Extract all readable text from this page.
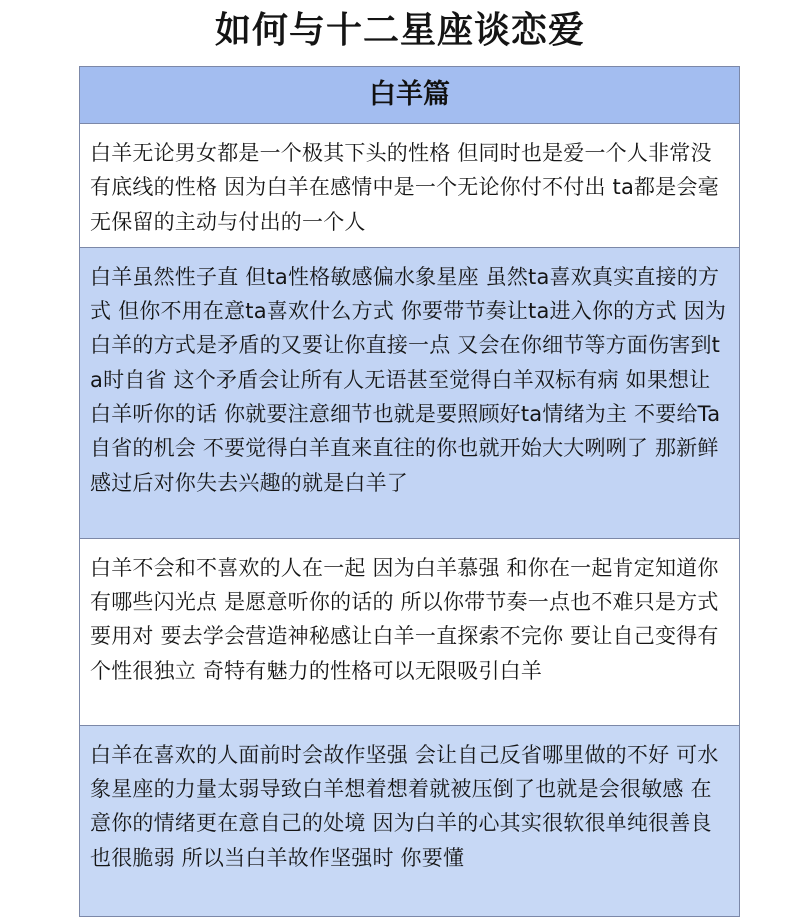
如何与十二星座谈恋爱
白羊篇
白羊无论男女都是一个极其下头的性格 但同时也是爱一个人非常没有底线的性格 因为白羊在感情中是一个无论你付不付出 ta都是会毫无保留的主动与付出的一个人
白羊虽然性子直 但ta性格敏感偏水象星座 虽然ta喜欢真实直接的方式 但你不用在意ta喜欢什么方式 你要带节奏让ta进入你的方式 因为白羊的方式是矛盾的又要让你直接一点 又会在你细节等方面伤害到ta时自省 这个矛盾会让所有人无语甚至觉得白羊双标有病 如果想让白羊听你的话 你就要注意细节也就是要照顾好ta情绪为主 不要给Ta自省的机会 不要觉得白羊直来直往的你也就开始大大咧咧了 那新鲜感过后对你失去兴趣的就是白羊了
白羊不会和不喜欢的人在一起 因为白羊慕强 和你在一起肯定知道你有哪些闪光点 是愿意听你的话的 所以你带节奏一点也不难只是方式要用对 要去学会营造神秘感让白羊一直探索不完你 要让自己变得有个性很独立 奇特有魅力的性格可以无限吸引白羊
白羊在喜欢的人面前时会故作坚强 会让自己反省哪里做的不好 可水象星座的力量太弱导致白羊想着想着就被压倒了也就是会很敏感 在意你的情绪更在意自己的处境 因为白羊的心其实很软很单纯很善良也很脆弱 所以当白羊故作坚强时 你要懂
